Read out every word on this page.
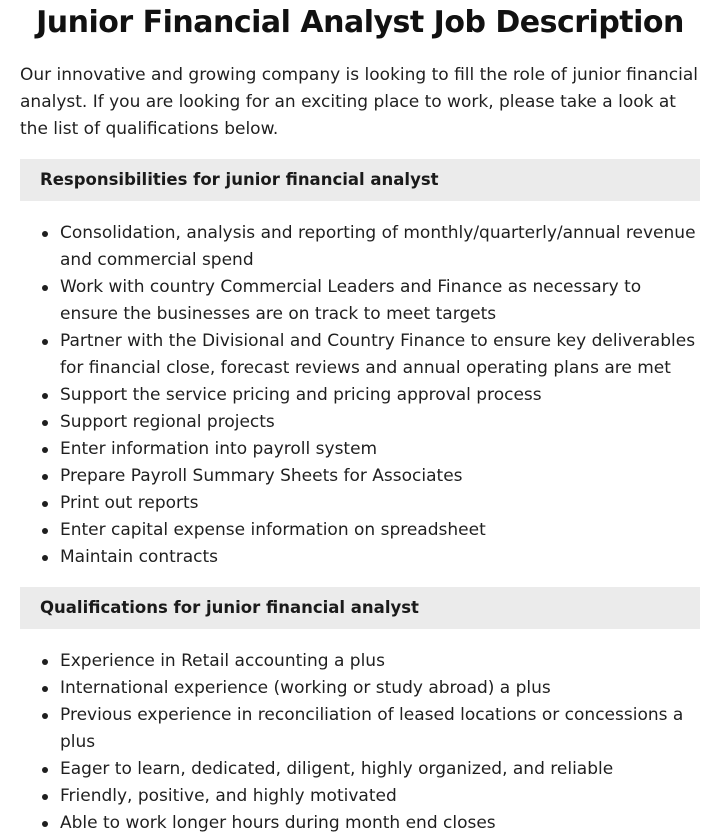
Junior Financial Analyst Job Description

Our innovative and growing company is looking to fill the role of junior financial analyst. If you are looking for an exciting place to work, please take a look at the list of qualifications below.

Responsibilities for junior financial analyst
Consolidation, analysis and reporting of monthly/quarterly/annual revenue and commercial spend
Work with country Commercial Leaders and Finance as necessary to ensure the businesses are on track to meet targets
Partner with the Divisional and Country Finance to ensure key deliverables for financial close, forecast reviews and annual operating plans are met
Support the service pricing and pricing approval process
Support regional projects
Enter information into payroll system
Prepare Payroll Summary Sheets for Associates
Print out reports
Enter capital expense information on spreadsheet
Maintain contracts
Qualifications for junior financial analyst
Experience in Retail accounting a plus
International experience (working or study abroad) a plus
Previous experience in reconciliation of leased locations or concessions a plus
Eager to learn, dedicated, diligent, highly organized, and reliable
Friendly, positive, and highly motivated
Able to work longer hours during month end closes
